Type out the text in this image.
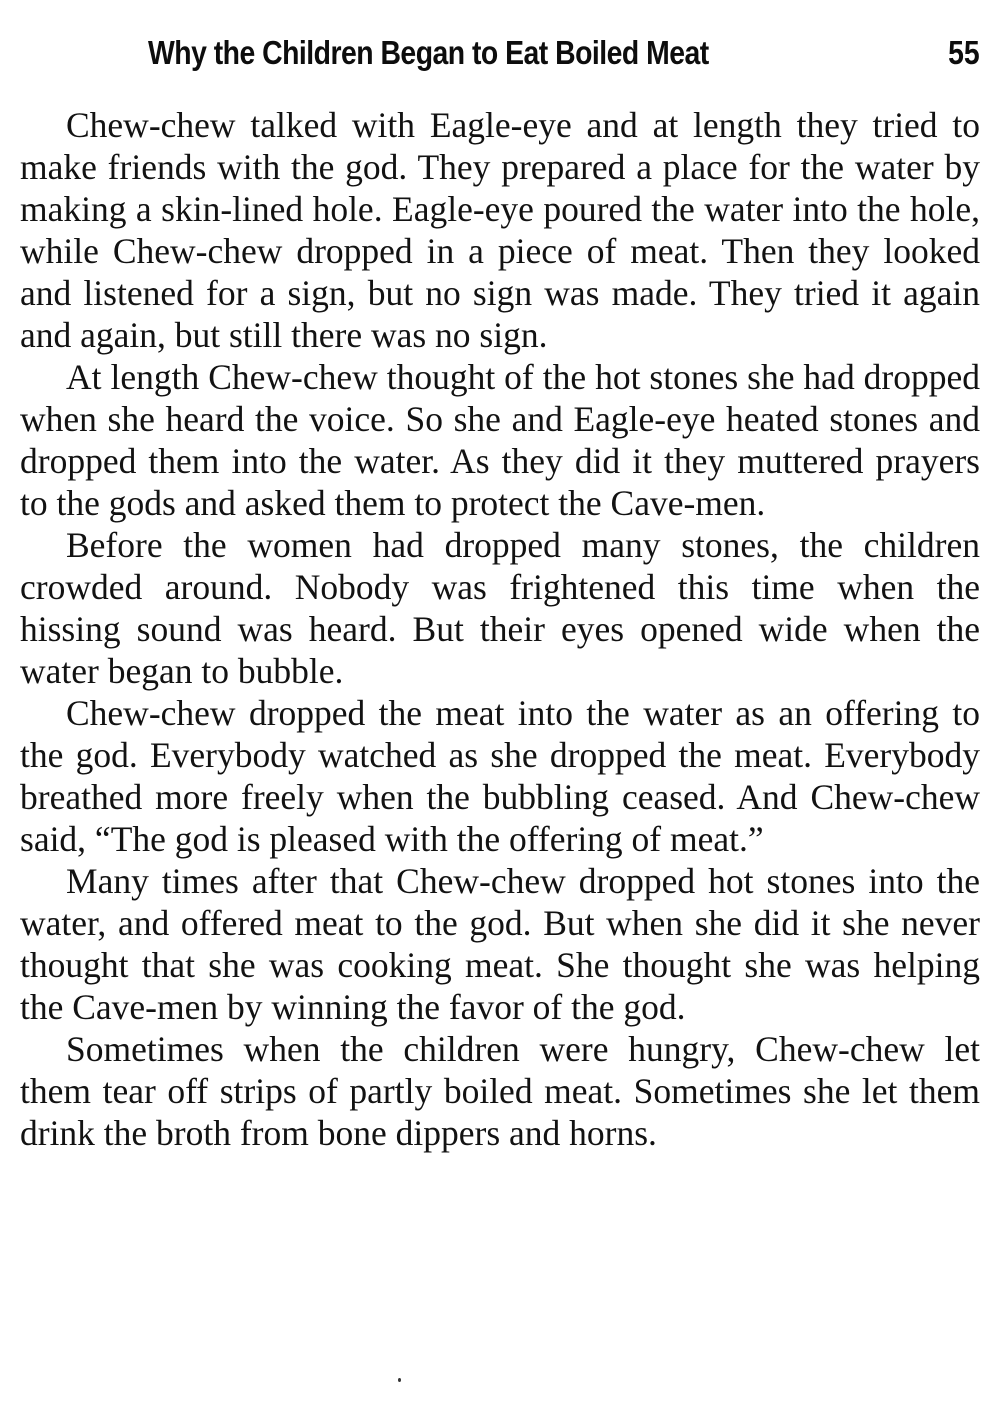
Why the Children Began to Eat Boiled Meat	55

Chew-chew talked with Eagle-eye and at length they tried to make friends with the god. They prepared a place for the water by making a skin-lined hole. Eagle-eye poured the water into the hole, while Chew-chew dropped in a piece of meat. Then they looked and listened for a sign, but no sign was made. They tried it again and again, but still there was no sign.

At length Chew-chew thought of the hot stones she had dropped when she heard the voice. So she and Eagle-eye heated stones and dropped them into the water. As they did it they muttered prayers to the gods and asked them to protect the Cave-men.

Before the women had dropped many stones, the children crowded around. Nobody was frightened this time when the hissing sound was heard. But their eyes opened wide when the water began to bubble.

Chew-chew dropped the meat into the water as an offering to the god. Everybody watched as she dropped the meat. Everybody breathed more freely when the bubbling ceased. And Chew-chew said, “The god is pleased with the offering of meat.”

Many times after that Chew-chew dropped hot stones into the water, and offered meat to the god. But when she did it she never thought that she was cooking meat. She thought she was helping the Cave-men by winning the favor of the god.

Sometimes when the children were hungry, Chew-chew let them tear off strips of partly boiled meat. Sometimes she let them drink the broth from bone dippers and horns.
